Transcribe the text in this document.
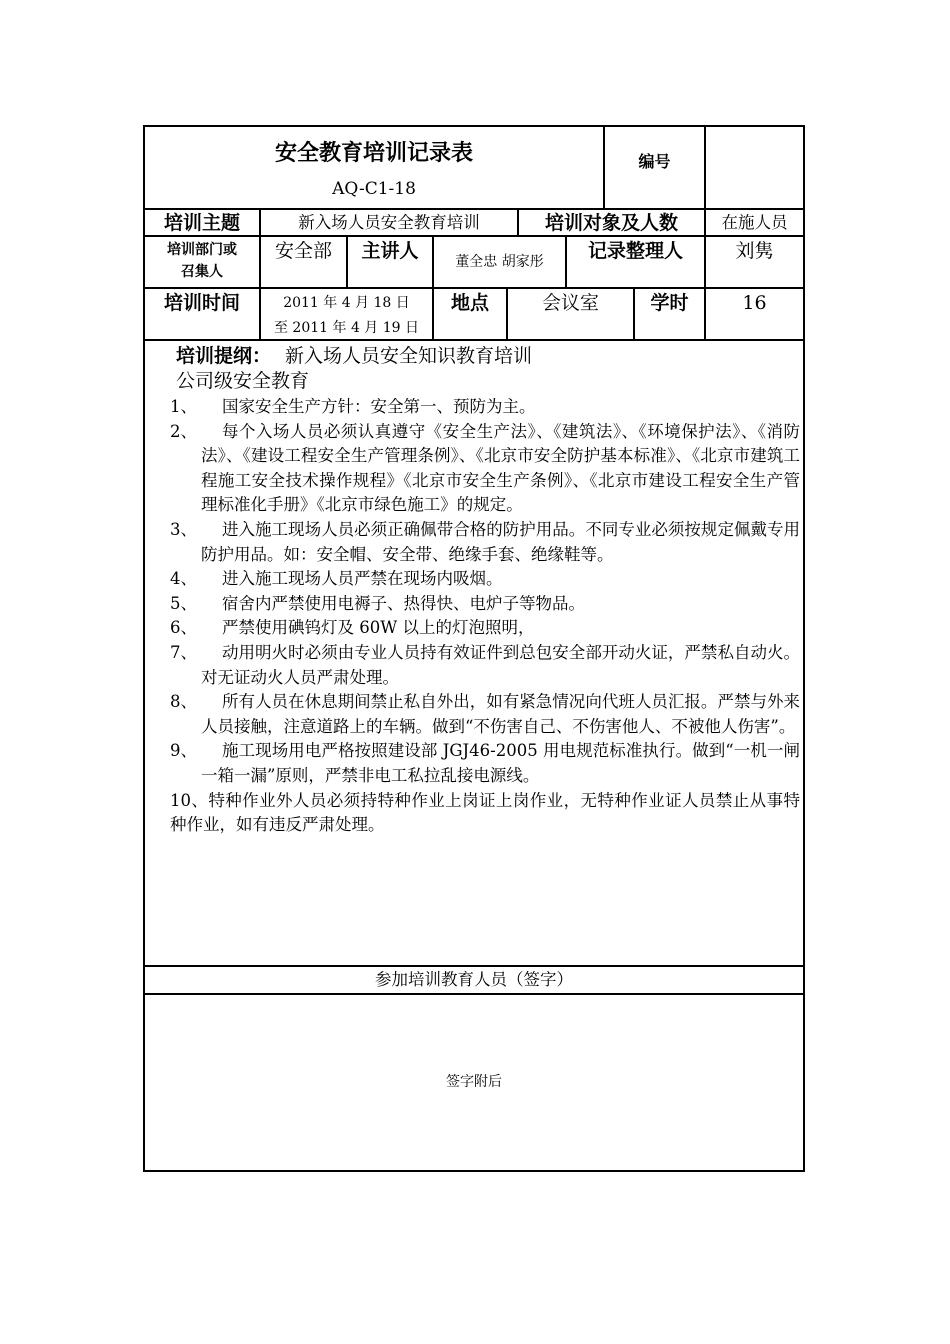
安全教育培训记录表
AQ-C1-18
编号
培训主题	新入场人员安全教育培训	培训对象及人数	在施人员
培训部门或
召集人
安全部	主讲人	董全忠 胡家彤	记录整理人	刘隽
培训时间	2011 年 4 月 18 日
至 2011 年 4 月 19 日
地点	会议室	学时	16
培训提纲： 新入场人员安全知识教育培训
公司级安全教育
1、	国家安全生产方针：安全第一、预防为主。
2、	每个入场人员必须认真遵守《安全生产法》、《建筑法》、《环境保护法》、《消防法》、《建设工程安全生产管理条例》、《北京市安全防护基本标准》、《北京市建筑工程施工安全技术操作规程》《北京市安全生产条例》、《北京市建设工程安全生产管理标准化手册》《北京市绿色施工》的规定。
3、	进入施工现场人员必须正确佩带合格的防护用品。不同专业必须按规定佩戴专用防护用品。如：安全帽、安全带、绝缘手套、绝缘鞋等。
4、	进入施工现场人员严禁在现场内吸烟。
5、	宿舍内严禁使用电褥子、热得快、电炉子等物品。
6、	严禁使用碘钨灯及 60W 以上的灯泡照明，
7、	动用明火时必须由专业人员持有效证件到总包安全部开动火证，严禁私自动火。对无证动火人员严肃处理。
8、	所有人员在休息期间禁止私自外出，如有紧急情况向代班人员汇报。严禁与外来人员接触，注意道路上的车辆。做到“不伤害自己、不伤害他人、不被他人伤害”。
9、	施工现场用电严格按照建设部 JGJ46-2005 用电规范标准执行。做到“一机一闸一箱一漏”原则，严禁非电工私拉乱接电源线。
10、特种作业外人员必须持特种作业上岗证上岗作业，无特种作业证人员禁止从事特种作业，如有违反严肃处理。
参加培训教育人员（签字）
签字附后
